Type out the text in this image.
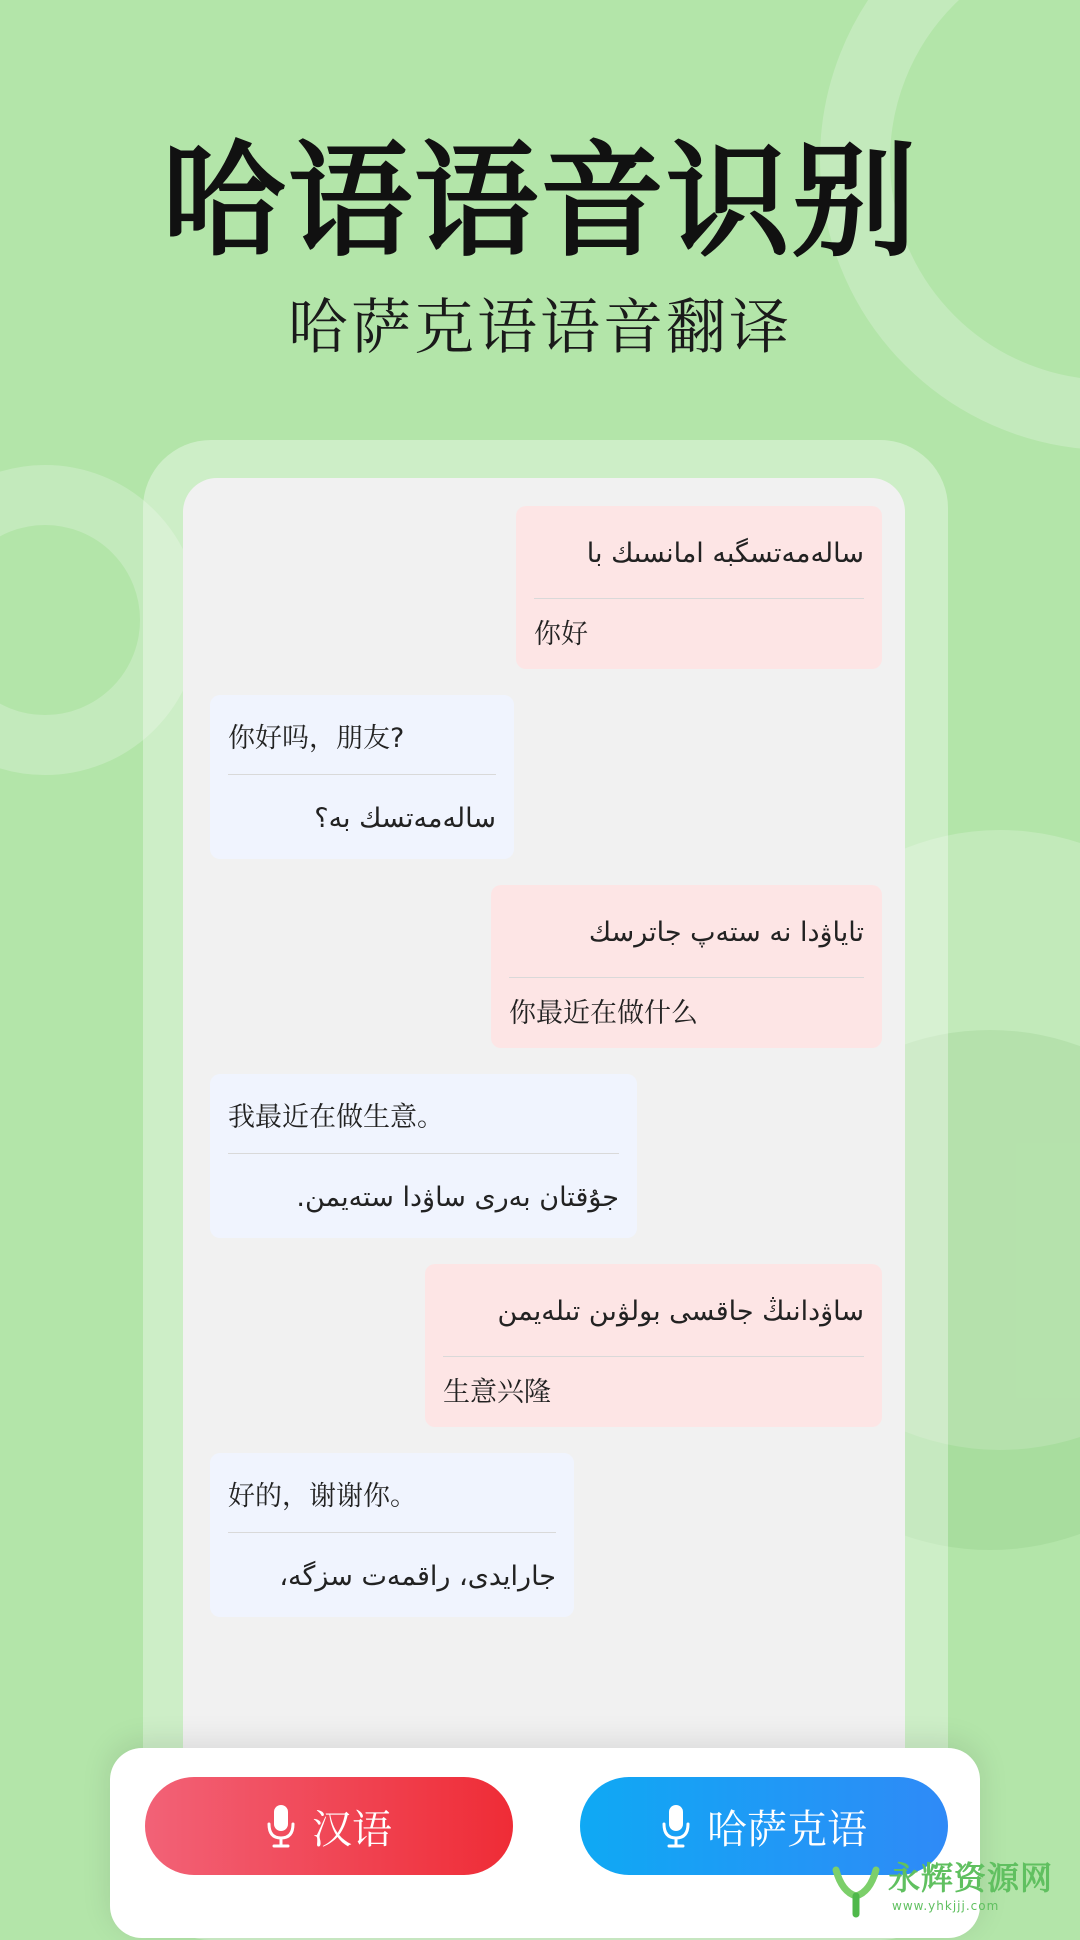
哈语语音识别
哈萨克语语音翻译
سالەمەتسگبە امانسىك با
你好
你好吗，朋友?
سالەمەتسك بە؟
تاياۋدا نە ستەپ جاترسك
你最近在做什么
我最近在做生意。
جۇقتان بەرى ساۋدا ستەيمن.
ساۋدانىڭ جاقسى بولۋىن تىلەيمن
生意兴隆
好的，谢谢你。
جارايدى، راقمەت سزگە،
汉语	哈萨克语
永辉资源网
www.yhkjjj.com
